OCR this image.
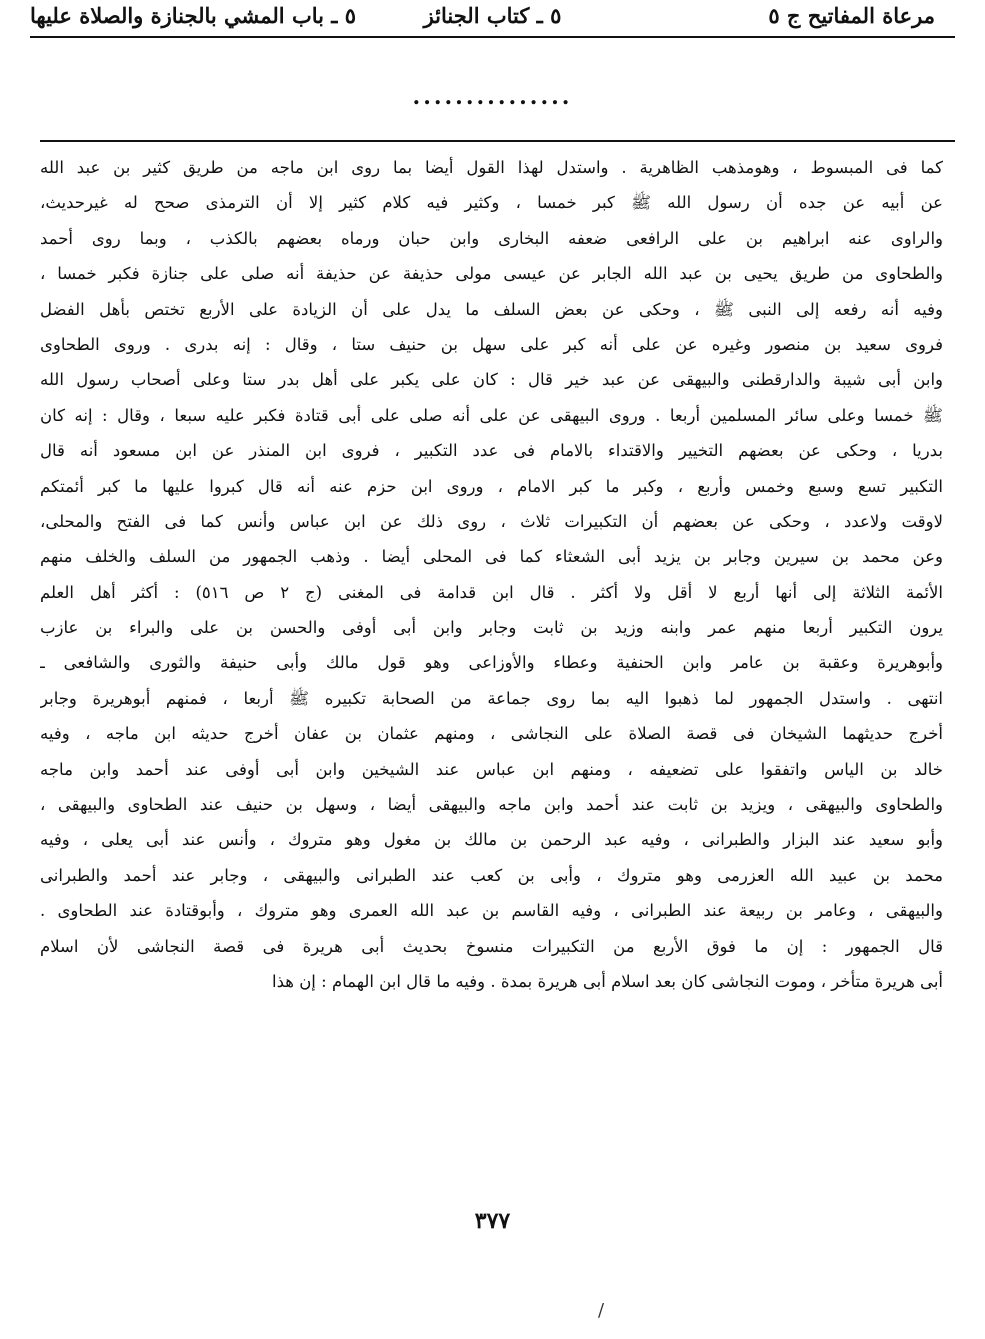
مرعاة المفاتيح ج ٥
٥ ـ كتاب الجنائز
٥ ـ باب المشي بالجنازة والصلاة عليها
...............
كما فى المبسوط ، وهومذهب الظاهرية . واستدل لهذا القول أيضا بما روى ابن ماجه من طريق كثير بن عبد الله
عن أبيه عن جده أن رسول الله ﷺ كبر خمسا ، وكثير فيه كلام كثير إلا أن الترمذى صحح له غيرحديث،
والراوى عنه ابراهيم بن على الرافعى ضعفه البخارى وابن حبان ورماه بعضهم بالكذب ، وبما روى أحمد
والطحاوى من طريق يحيى بن عبد الله الجابر عن عيسى مولى حذيفة عن حذيفة أنه صلى على جنازة فكبر خمسا ،
وفيه أنه رفعه إلى النبى ﷺ ، وحكى عن بعض السلف ما يدل على أن الزيادة على الأربع تختص بأهل الفضل
فروى سعيد بن منصور وغيره عن على أنه كبر على سهل بن حنيف ستا ، وقال : إنه بدرى . وروى الطحاوى
وابن أبى شيبة والدارقطنى والبيهقى عن عبد خير قال : كان على يكبر على أهل بدر ستا وعلى أصحاب رسول الله
ﷺ خمسا وعلى سائر المسلمين أربعا . وروى البيهقى عن على أنه صلى على أبى قتادة فكبر عليه سبعا ، وقال : إنه كان
بدريا ، وحكى عن بعضهم التخيير والاقتداء بالامام فى عدد التكبير ، فروى ابن المنذر عن ابن مسعود أنه قال
التكبير تسع وسبع وخمس وأربع ، وكبر ما كبر الامام ، وروى ابن حزم عنه أنه قال كبروا عليها ما كبر أئمتكم
لاوقت ولاعدد ، وحكى عن بعضهم أن التكبيرات ثلاث ، روى ذلك عن ابن عباس وأنس كما فى الفتح والمحلى،
وعن محمد بن سيرين وجابر بن يزيد أبى الشعثاء كما فى المحلى أيضا . وذهب الجمهور من السلف والخلف منهم
الأئمة الثلاثة إلى أنها أربع لا أقل ولا أكثر . قال ابن قدامة فى المغنى (ج ٢ ص ٥١٦) : أكثر أهل العلم
يرون التكبير أربعا منهم عمر وابنه وزيد بن ثابت وجابر وابن أبى أوفى والحسن بن على والبراء بن عازب
وأبوهريرة وعقبة بن عامر وابن الحنفية وعطاء والأوزاعى وهو قول مالك وأبى حنيفة والثورى والشافعى ـ
انتهى . واستدل الجمهور لما ذهبوا اليه بما روى جماعة من الصحابة تكبيره ﷺ أربعا ، فمنهم أبوهريرة وجابر
أخرج حديثهما الشيخان فى قصة الصلاة على النجاشى ، ومنهم عثمان بن عفان أخرج حديثه ابن ماجه ، وفيه
خالد بن الياس واتفقوا على تضعيفه ، ومنهم ابن عباس عند الشيخين وابن أبى أوفى عند أحمد وابن ماجه
والطحاوى والبيهقى ، ويزيد بن ثابت عند أحمد وابن ماجه والبيهقى أيضا ، وسهل بن حنيف عند الطحاوى والبيهقى ،
وأبو سعيد عند البزار والطبرانى ، وفيه عبد الرحمن بن مالك بن مغول وهو متروك ، وأنس عند أبى يعلى ، وفيه
محمد بن عبيد الله العزرمى وهو متروك ، وأبى بن كعب عند الطبرانى والبيهقى ، وجابر عند أحمد والطبرانى
والبيهقى ، وعامر بن ربيعة عند الطبرانى ، وفيه القاسم بن عبد الله العمرى وهو متروك ، وأبوقتادة عند الطحاوى .
قال الجمهور : إن ما فوق الأربع من التكبيرات منسوخ بحديث أبى هريرة فى قصة النجاشى لأن اسلام
أبى هريرة متأخر ، وموت النجاشى كان بعد اسلام أبى هريرة بمدة . وفيه ما قال ابن الهمام : إن هذا
٣٧٧
/
